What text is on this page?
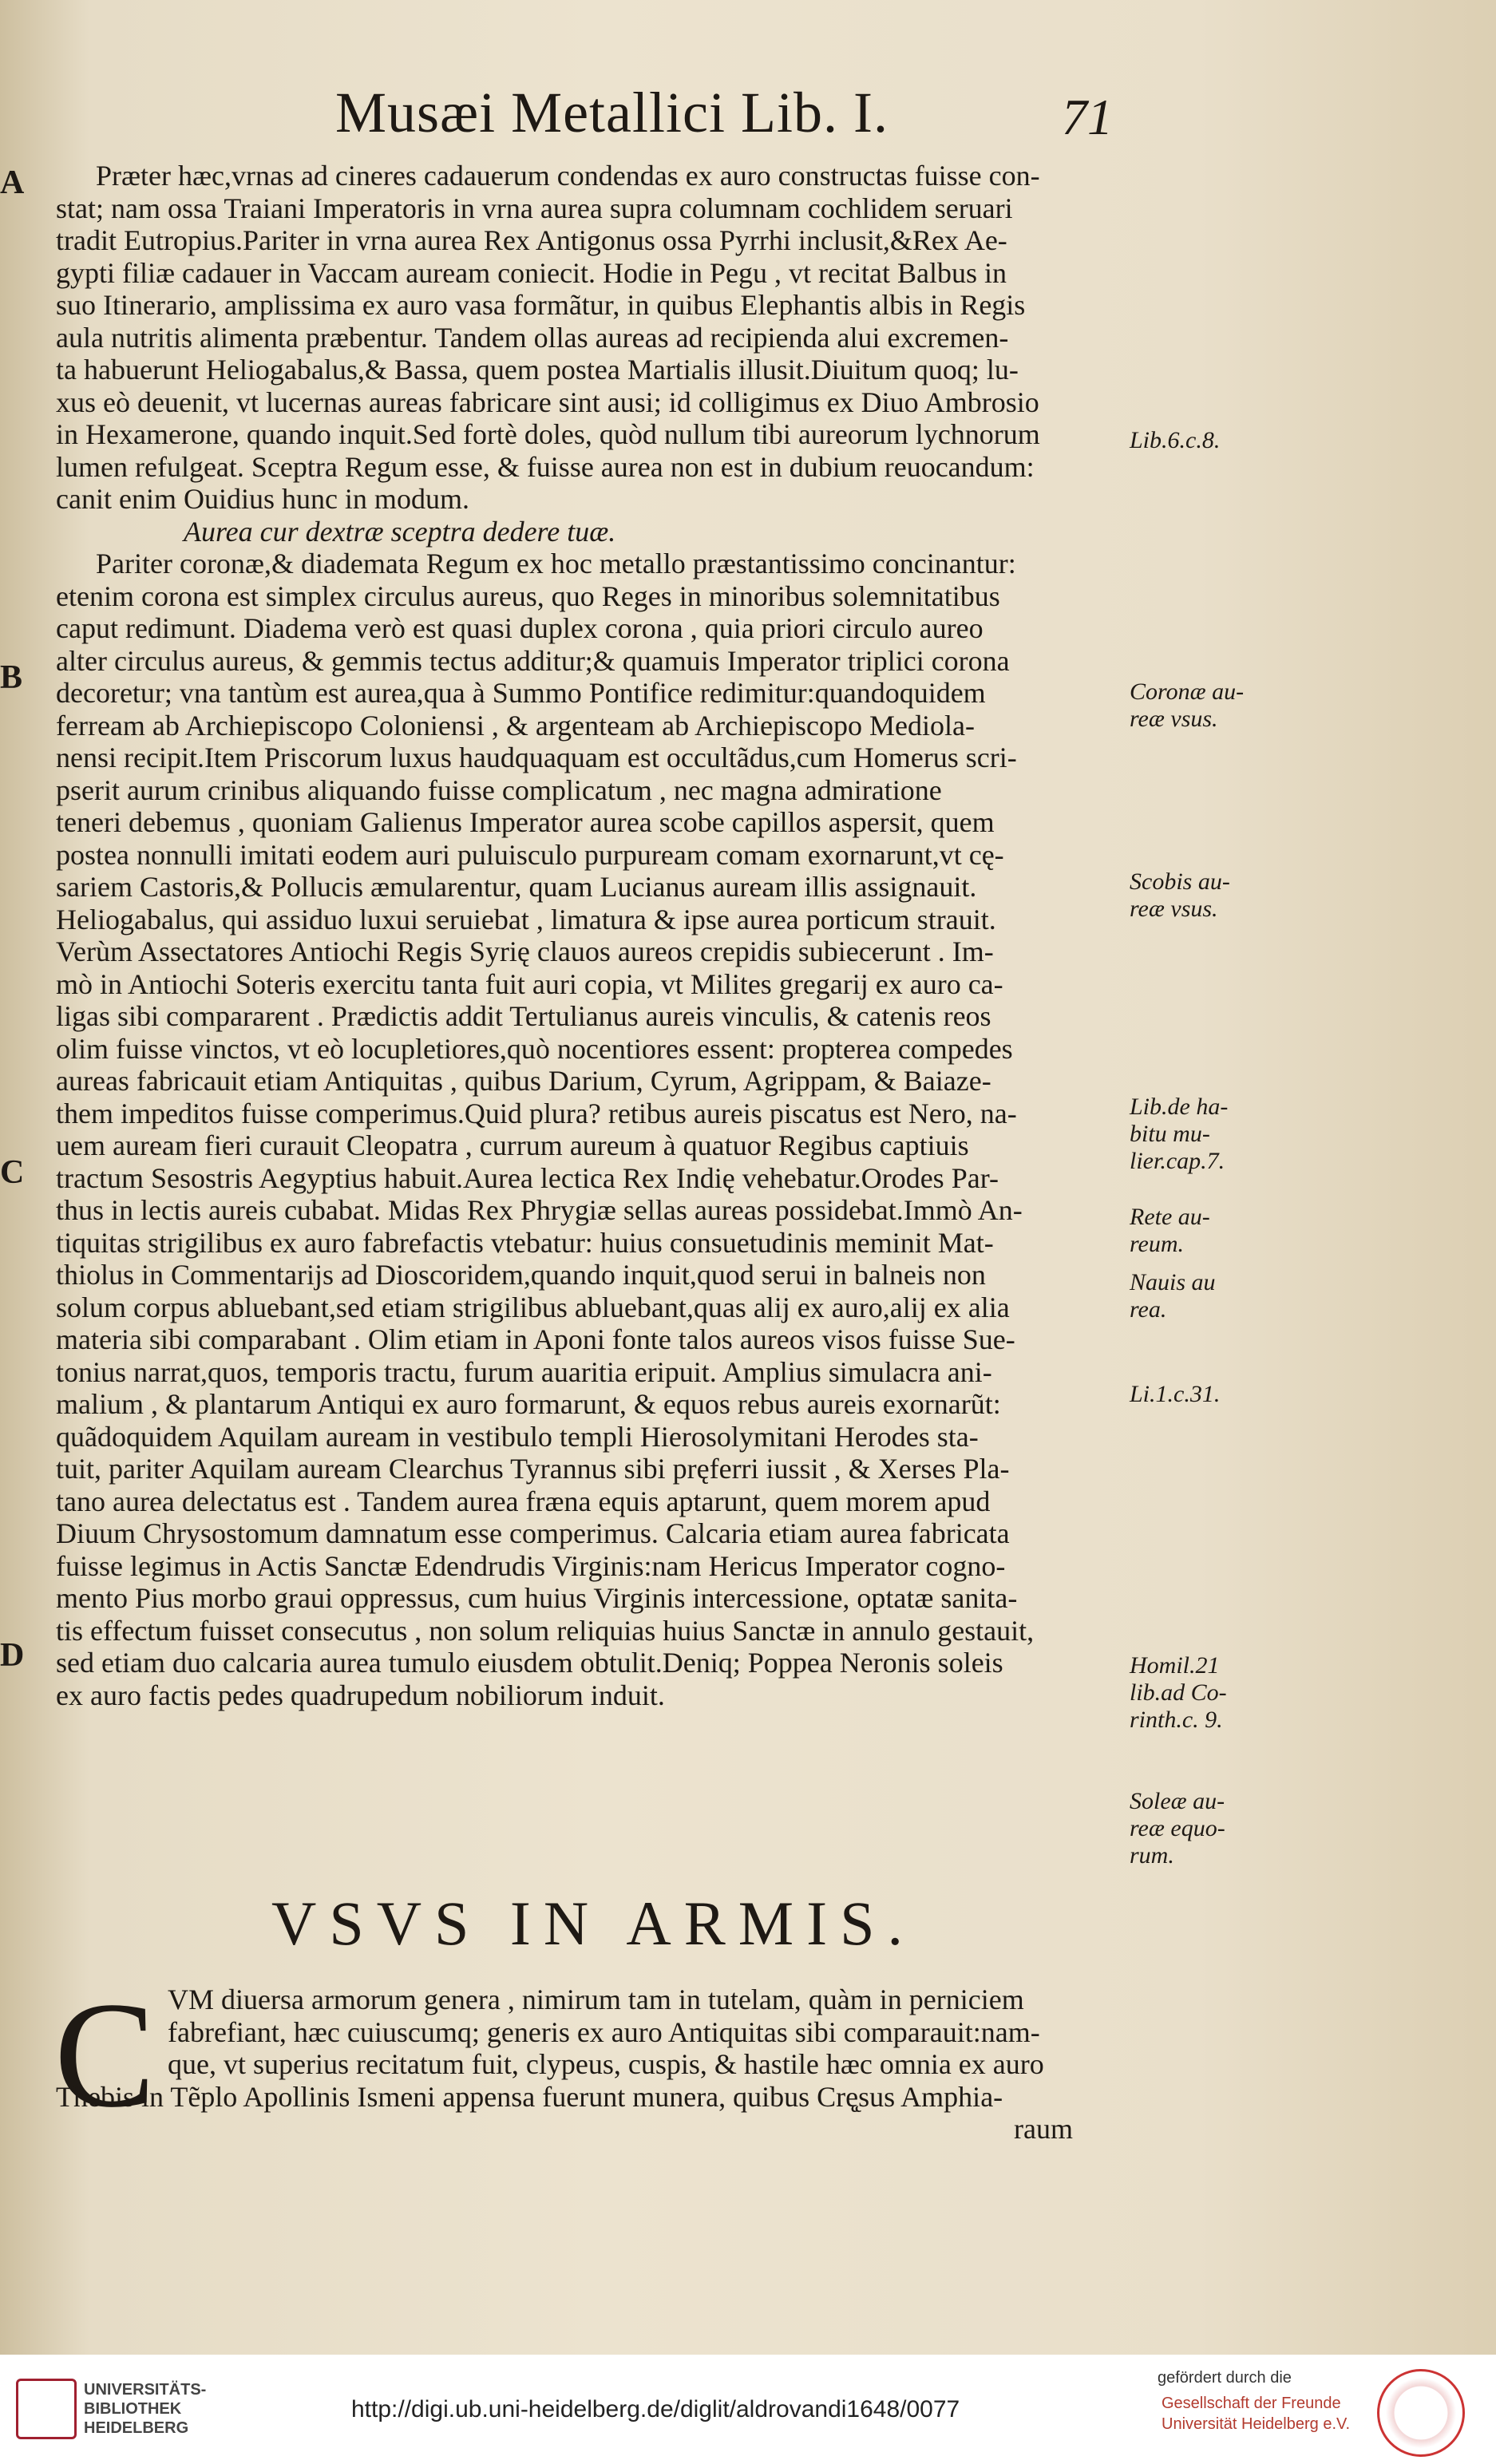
Musæi Metallici Lib. I.	71
A
B
C
D
Præter hæc,vrnas ad cineres cadauerum condendas ex auro constructas fuisse con-
stat; nam ossa Traiani Imperatoris in vrna aurea supra columnam cochlidem seruari
tradit Eutropius.Pariter in vrna aurea Rex Antigonus ossa Pyrrhi inclusit,&Rex Ae-
gypti filiæ cadauer in Vaccam auream coniecit. Hodie in Pegu , vt recitat Balbus in
suo Itinerario, amplissima ex auro vasa formãtur, in quibus Elephantis albis in Regis
aula nutritis alimenta præbentur. Tandem ollas aureas ad recipienda alui excremen-
ta habuerunt Heliogabalus,& Bassa, quem postea Martialis illusit.Diuitum quoq; lu-
xus eò deuenit, vt lucernas aureas fabricare sint ausi; id colligimus ex Diuo Ambrosio
in Hexamerone, quando inquit.Sed fortè doles, quòd nullum tibi aureorum lychnorum
lumen refulgeat. Sceptra Regum esse, & fuisse aurea non est in dubium reuocandum:
canit enim Ouidius hunc in modum.
Aurea cur dextræ sceptra dedere tuæ.
Pariter coronæ,& diademata Regum ex hoc metallo præstantissimo concinantur:
etenim corona est simplex circulus aureus, quo Reges in minoribus solemnitatibus
caput redimunt. Diadema verò est quasi duplex corona , quia priori circulo aureo
alter circulus aureus, & gemmis tectus additur;& quamuis Imperator triplici corona
decoretur; vna tantùm est aurea,qua à Summo Pontifice redimitur:quandoquidem
ferream ab Archiepiscopo Coloniensi , & argenteam ab Archiepiscopo Mediola-
nensi recipit.Item Priscorum luxus haudquaquam est occultãdus,cum Homerus scri-
pserit aurum crinibus aliquando fuisse complicatum , nec magna admiratione
teneri debemus , quoniam Galienus Imperator aurea scobe capillos aspersit, quem
postea nonnulli imitati eodem auri puluisculo purpuream comam exornarunt,vt cę-
sariem Castoris,& Pollucis æmularentur, quam Lucianus auream illis assignauit.
Heliogabalus, qui assiduo luxui seruiebat , limatura & ipse aurea porticum strauit.
Verùm Assectatores Antiochi Regis Syrię clauos aureos crepidis subiecerunt . Im-
mò in Antiochi Soteris exercitu tanta fuit auri copia, vt Milites gregarij ex auro ca-
ligas sibi compararent . Prædictis addit Tertulianus aureis vinculis, & catenis reos
olim fuisse vinctos, vt eò locupletiores,quò nocentiores essent: propterea compedes
aureas fabricauit etiam Antiquitas , quibus Darium, Cyrum, Agrippam, & Baiaze-
them impeditos fuisse comperimus.Quid plura? retibus aureis piscatus est Nero, na-
uem auream fieri curauit Cleopatra , currum aureum à quatuor Regibus captiuis
tractum Sesostris Aegyptius habuit.Aurea lectica Rex Indię vehebatur.Orodes Par-
thus in lectis aureis cubabat. Midas Rex Phrygiæ sellas aureas possidebat.Immò An-
tiquitas strigilibus ex auro fabrefactis vtebatur: huius consuetudinis meminit Mat-
thiolus in Commentarijs ad Dioscoridem,quando inquit,quod serui in balneis non
solum corpus abluebant,sed etiam strigilibus abluebant,quas alij ex auro,alij ex alia
materia sibi comparabant . Olim etiam in Aponi fonte talos aureos visos fuisse Sue-
tonius narrat,quos, temporis tractu, furum auaritia eripuit. Amplius simulacra ani-
malium , & plantarum Antiqui ex auro formarunt, & equos rebus aureis exornarũt:
quãdoquidem Aquilam auream in vestibulo templi Hierosolymitani Herodes sta-
tuit, pariter Aquilam auream Clearchus Tyrannus sibi pręferri iussit , & Xerses Pla-
tano aurea delectatus est . Tandem aurea fræna equis aptarunt, quem morem apud
Diuum Chrysostomum damnatum esse comperimus. Calcaria etiam aurea fabricata
fuisse legimus in Actis Sanctæ Edendrudis Virginis:nam Hericus Imperator cogno-
mento Pius morbo graui oppressus, cum huius Virginis intercessione, optatæ sanita-
tis effectum fuisset consecutus , non solum reliquias huius Sanctæ in annulo gestauit,
sed etiam duo calcaria aurea tumulo eiusdem obtulit.Deniq; Poppea Neronis soleis
ex auro factis pedes quadrupedum nobiliorum induit.
Lib.6.c.8.
Coronæ au-
reæ vsus.
Scobis au-
reæ vsus.
Lib.de ha-
bitu mu-
lier.cap.7.
Rete au-
reum.
Nauis au
rea.
Li.1.c.31.
Homil.21
lib.ad Co-
rinth.c. 9.
Soleæ au-
reæ equo-
rum.
VSVS IN ARMIS.
C VM diuersa armorum genera , nimirum tam in tutelam, quàm in perniciem
fabrefiant, hæc cuiuscumq; generis ex auro Antiquitas sibi comparauit:nam-
que, vt superius recitatum fuit, clypeus, cuspis, & hastile hæc omnia ex auro
Thebis in Tẽplo Apollinis Ismeni appensa fuerunt munera, quibus Crę̨sus Amphia-
raum
UNIVERSITÄTS-
BIBLIOTHEK
HEIDELBERG
http://digi.ub.uni-heidelberg.de/diglit/aldrovandi1648/0077
gefördert durch die
Gesellschaft der Freunde
Universität Heidelberg e.V.
